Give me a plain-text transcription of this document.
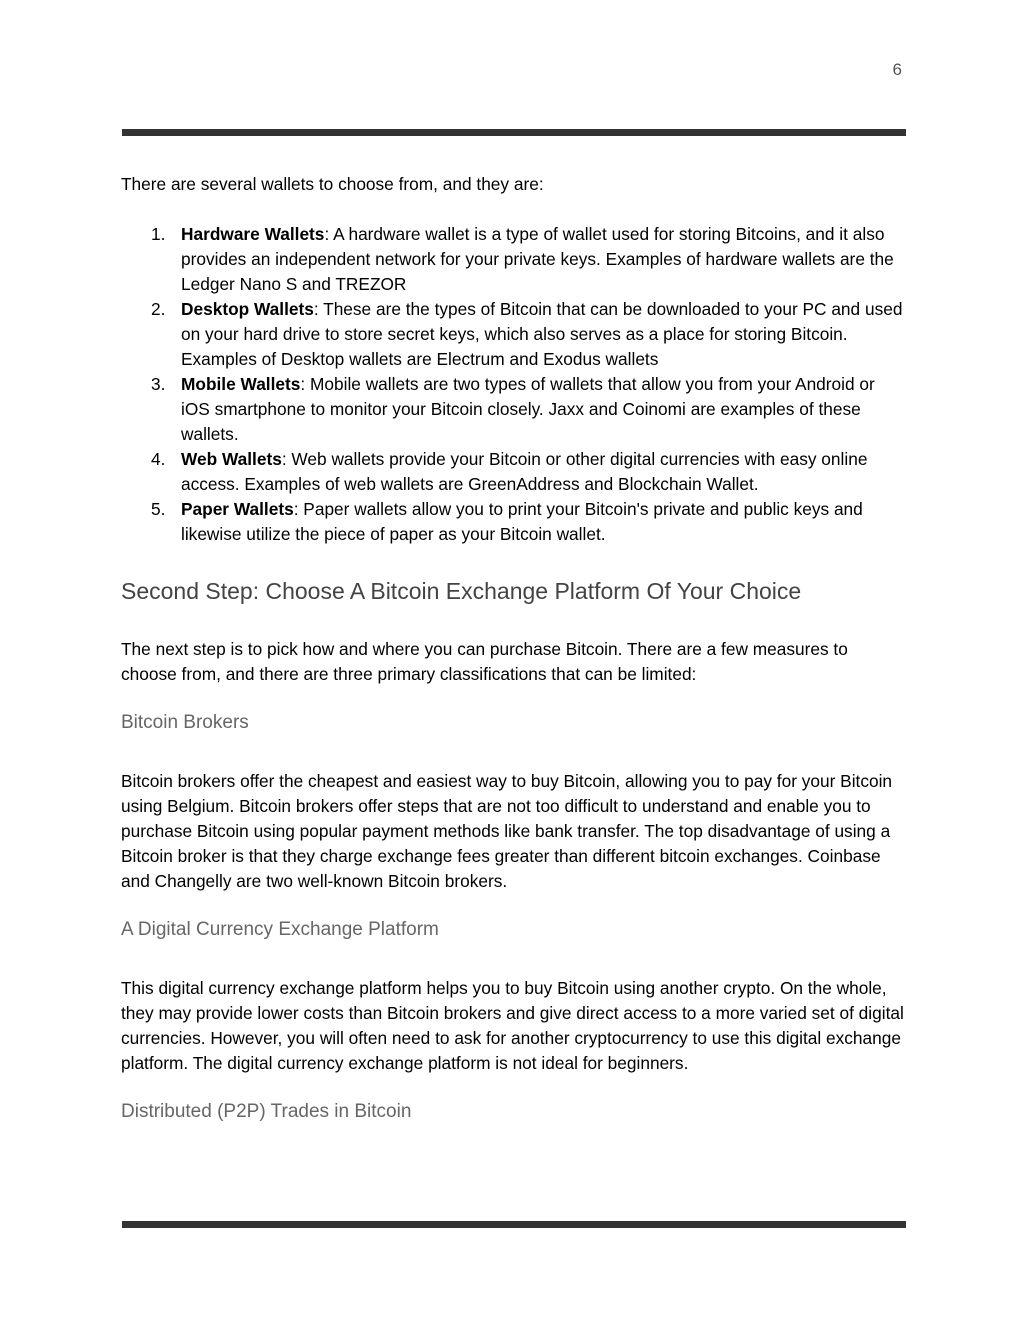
6

There are several wallets to choose from, and they are:

1. Hardware Wallets: A hardware wallet is a type of wallet used for storing Bitcoins, and it also provides an independent network for your private keys. Examples of hardware wallets are the Ledger Nano S and TREZOR
2. Desktop Wallets: These are the types of Bitcoin that can be downloaded to your PC and used on your hard drive to store secret keys, which also serves as a place for storing Bitcoin. Examples of Desktop wallets are Electrum and Exodus wallets
3. Mobile Wallets: Mobile wallets are two types of wallets that allow you from your Android or iOS smartphone to monitor your Bitcoin closely. Jaxx and Coinomi are examples of these wallets.
4. Web Wallets: Web wallets provide your Bitcoin or other digital currencies with easy online access. Examples of web wallets are GreenAddress and Blockchain Wallet.
5. Paper Wallets: Paper wallets allow you to print your Bitcoin's private and public keys and likewise utilize the piece of paper as your Bitcoin wallet.
Second Step: Choose A Bitcoin Exchange Platform Of Your Choice

The next step is to pick how and where you can purchase Bitcoin. There are a few measures to choose from, and there are three primary classifications that can be limited:

Bitcoin Brokers

Bitcoin brokers offer the cheapest and easiest way to buy Bitcoin, allowing you to pay for your Bitcoin using Belgium. Bitcoin brokers offer steps that are not too difficult to understand and enable you to purchase Bitcoin using popular payment methods like bank transfer. The top disadvantage of using a Bitcoin broker is that they charge exchange fees greater than different bitcoin exchanges. Coinbase and Changelly are two well-known Bitcoin brokers.

A Digital Currency Exchange Platform

This digital currency exchange platform helps you to buy Bitcoin using another crypto. On the whole, they may provide lower costs than Bitcoin brokers and give direct access to a more varied set of digital currencies. However, you will often need to ask for another cryptocurrency to use this digital exchange platform. The digital currency exchange platform is not ideal for beginners.

Distributed (P2P) Trades in Bitcoin
